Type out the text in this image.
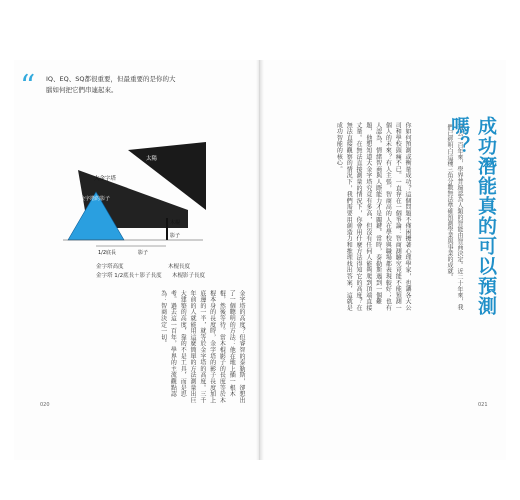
“ IQ、EQ、SQ都很重要，但最重要的是你的大腦如何把它們串連起來。
大金字塔
太陽
金字塔的影子
木棍
影子
1/2底長	影子
金字塔高度	木棍長度
金字塔 1/2底長＋影子長度 木棍影子長度
金字塔的高度？但睿智的泰勒斯，卻想出了一個聰明的方法：他在地上插一根木棍，然後等待。當木棍影子的長度等於木棍本身的長度時，金字塔的影子長度加上底邊的一半，就等於金字塔的高度。三千年前的人就能用這麼簡單的方法測量出巨大建築的高度，靠的不是工具，而是思考。過去這一百年，學界的主流觀點認為：智商決定一切。
020
你如何預測或衡量成功？這個問題不僅困擾著心理學家，也讓各大公司和學校頭痛不已。一直存在一個爭論：智商測驗究竟能不能預測一個人的未來？有人主張，智商高的人在學校與職場都表現較好；也有人認為，情緒智商與人際能力才是關鍵。當時，泰勒斯遇到一個難題，他想知道大金字塔究竟有多高，但沒有任何人能夠爬到頂端直接丈量。在無法直接測量的情況下，你會用什麼方法得知它的高度？在無法直接觀察的情況下，我們需要用創造力和推理找出答案，這就是成功智能的核心。	過去一百年來，學界普遍認為人類的智能由智商決定。近二十年來，我們已經明白這種三角分數無法準確預測學業與事業的成就。	成功潛能真的可以預測嗎？
021
